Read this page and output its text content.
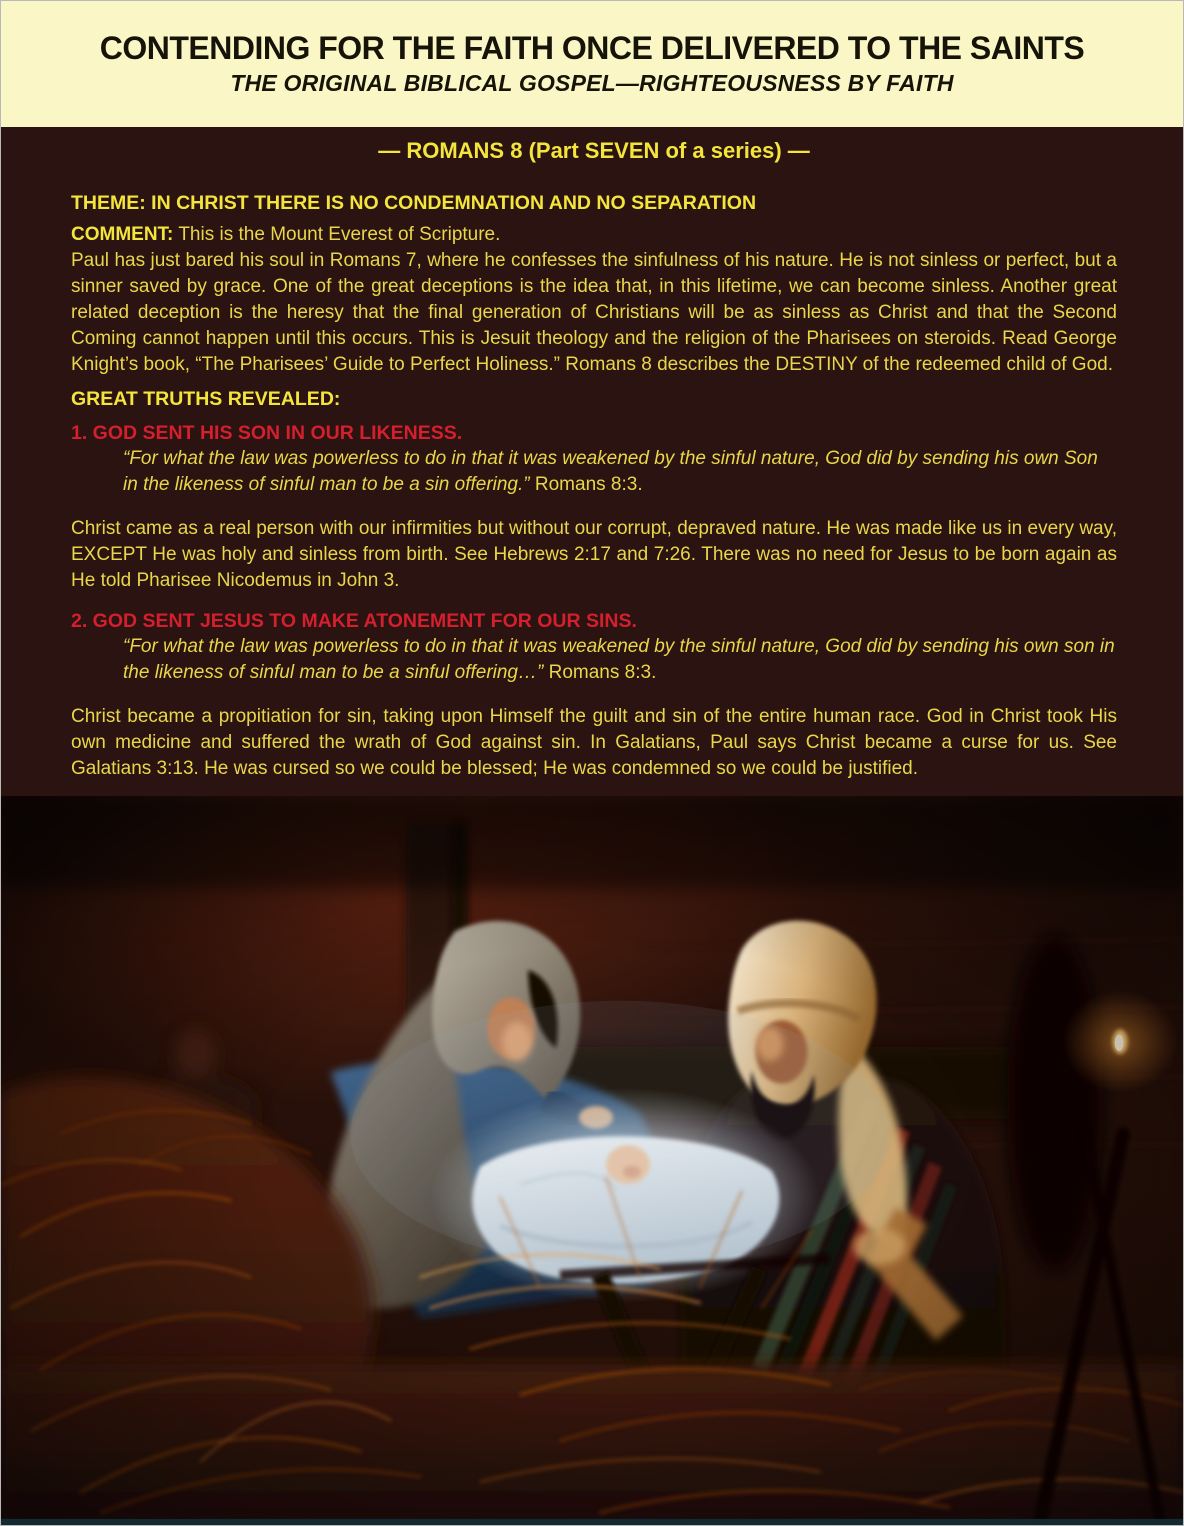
CONTENDING FOR THE FAITH ONCE DELIVERED TO THE SAINTS
THE ORIGINAL BIBLICAL GOSPEL—RIGHTEOUSNESS BY FAITH

— ROMANS 8 (Part SEVEN of a series) —

THEME: IN CHRIST THERE IS NO CONDEMNATION AND NO SEPARATION

COMMENT: This is the Mount Everest of Scripture.
Paul has just bared his soul in Romans 7, where he confesses the sinfulness of his nature. He is not sinless or perfect, but a sinner saved by grace. One of the great deceptions is the idea that, in this lifetime, we can become sinless. Another great related deception is the heresy that the final generation of Christians will be as sinless as Christ and that the Second Coming cannot happen until this occurs. This is Jesuit theology and the religion of the Pharisees on steroids. Read George Knight’s book, “The Pharisees’ Guide to Perfect Holiness.” Romans 8 describes the DESTINY of the redeemed child of God.

GREAT TRUTHS REVEALED:

1. GOD SENT HIS SON IN OUR LIKENESS.

“For what the law was powerless to do in that it was weakened by the sinful nature, God did by sending his own Son in the likeness of sinful man to be a sin offering.” Romans 8:3.

Christ came as a real person with our infirmities but without our corrupt, depraved nature. He was made like us in every way, EXCEPT He was holy and sinless from birth. See Hebrews 2:17 and 7:26. There was no need for Jesus to be born again as He told Pharisee Nicodemus in John 3.

2. GOD SENT JESUS TO MAKE ATONEMENT FOR OUR SINS.

“For what the law was powerless to do in that it was weakened by the sinful nature, God did by sending his own son in the likeness of sinful man to be a sinful offering…” Romans 8:3.

Christ became a propitiation for sin, taking upon Himself the guilt and sin of the entire human race. God in Christ took His own medicine and suffered the wrath of God against sin. In Galatians, Paul says Christ became a curse for us. See Galatians 3:13. He was cursed so we could be blessed; He was condemned so we could be justified.
